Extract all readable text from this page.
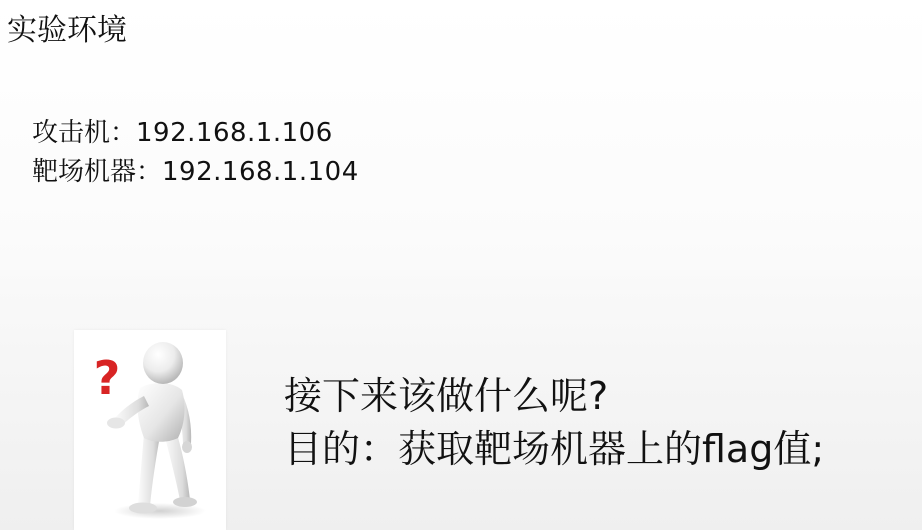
实验环境
攻击机：192.168.1.106
靶场机器：192.168.1.104
?	接下来该做什么呢?
目的：获取靶场机器上的flag值;
